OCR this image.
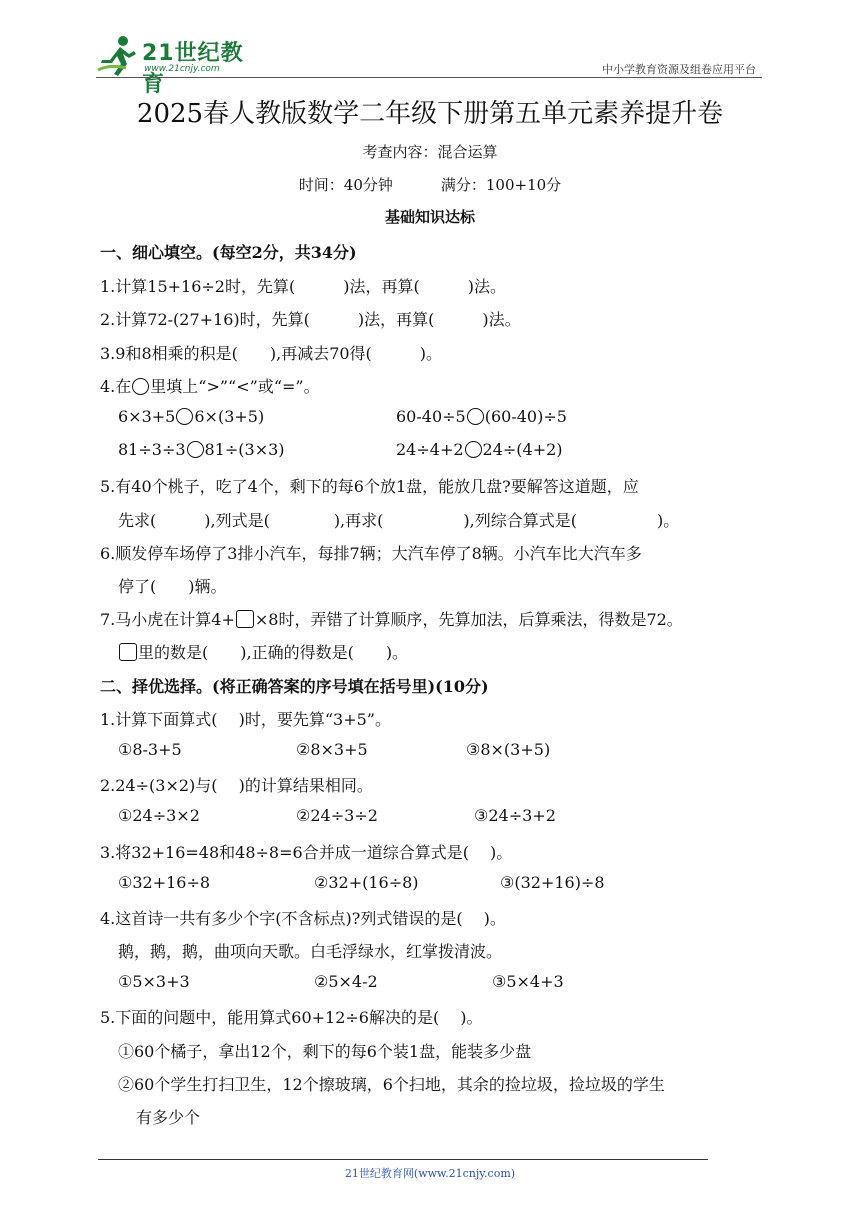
21世纪教育
www.21cnjy.com	中小学教育资源及组卷应用平台
2025春人教版数学二年级下册第五单元素养提升卷
考查内容：混合运算
时间：40分钟	满分：100+10分
基础知识达标
一、细心填空。(每空2分，共34分)
1.计算15+16÷2时，先算(　　　)法，再算(　　　)法。
2.计算72-(27+16)时，先算(　　　)法，再算(　　　)法。
3.9和8相乘的积是(　　),再减去70得(　　　)。
4.在 里填上“>”“<”或“=”。
6×3+5 6×(3+5)	60-40÷5 (60-40)÷5
81÷3÷3 81÷(3×3)	24÷4+2 24÷(4+2)
5.有40个桃子，吃了4个，剩下的每6个放1盘，能放几盘?要解答这道题，应
先求(　　　),列式是(　　　　),再求(　　　　　),列综合算式是(　　　　　)。
6.顺发停车场停了3排小汽车，每排7辆；大汽车停了8辆。小汽车比大汽车多
停了(　　)辆。
7.马小虎在计算4+ ×8时，弄错了计算顺序，先算加法，后算乘法，得数是72。
里的数是(　　),正确的得数是(　　)。
二、择优选择。(将正确答案的序号填在括号里)(10分)
1.计算下面算式(　 )时，要先算“3+5”。
①8-3+5	②8×3+5	③8×(3+5)
2.24÷(3×2)与(　 )的计算结果相同。
①24÷3×2	②24÷3÷2	③24÷3+2
3.将32+16=48和48÷8=6合并成一道综合算式是(　 )。
①32+16÷8	②32+(16÷8)	③(32+16)÷8
4.这首诗一共有多少个字(不含标点)?列式错误的是(　 )。
鹅，鹅，鹅，曲项向天歌。白毛浮绿水，红掌拨清波。
①5×3+3	②5×4-2	③5×4+3
5.下面的问题中，能用算式60+12÷6解决的是(　 )。
①60个橘子，拿出12个，剩下的每6个装1盘，能装多少盘
②60个学生打扫卫生，12个擦玻璃，6个扫地，其余的捡垃圾，捡垃圾的学生
有多少个
21世纪教育网(www.21cnjy.com)
